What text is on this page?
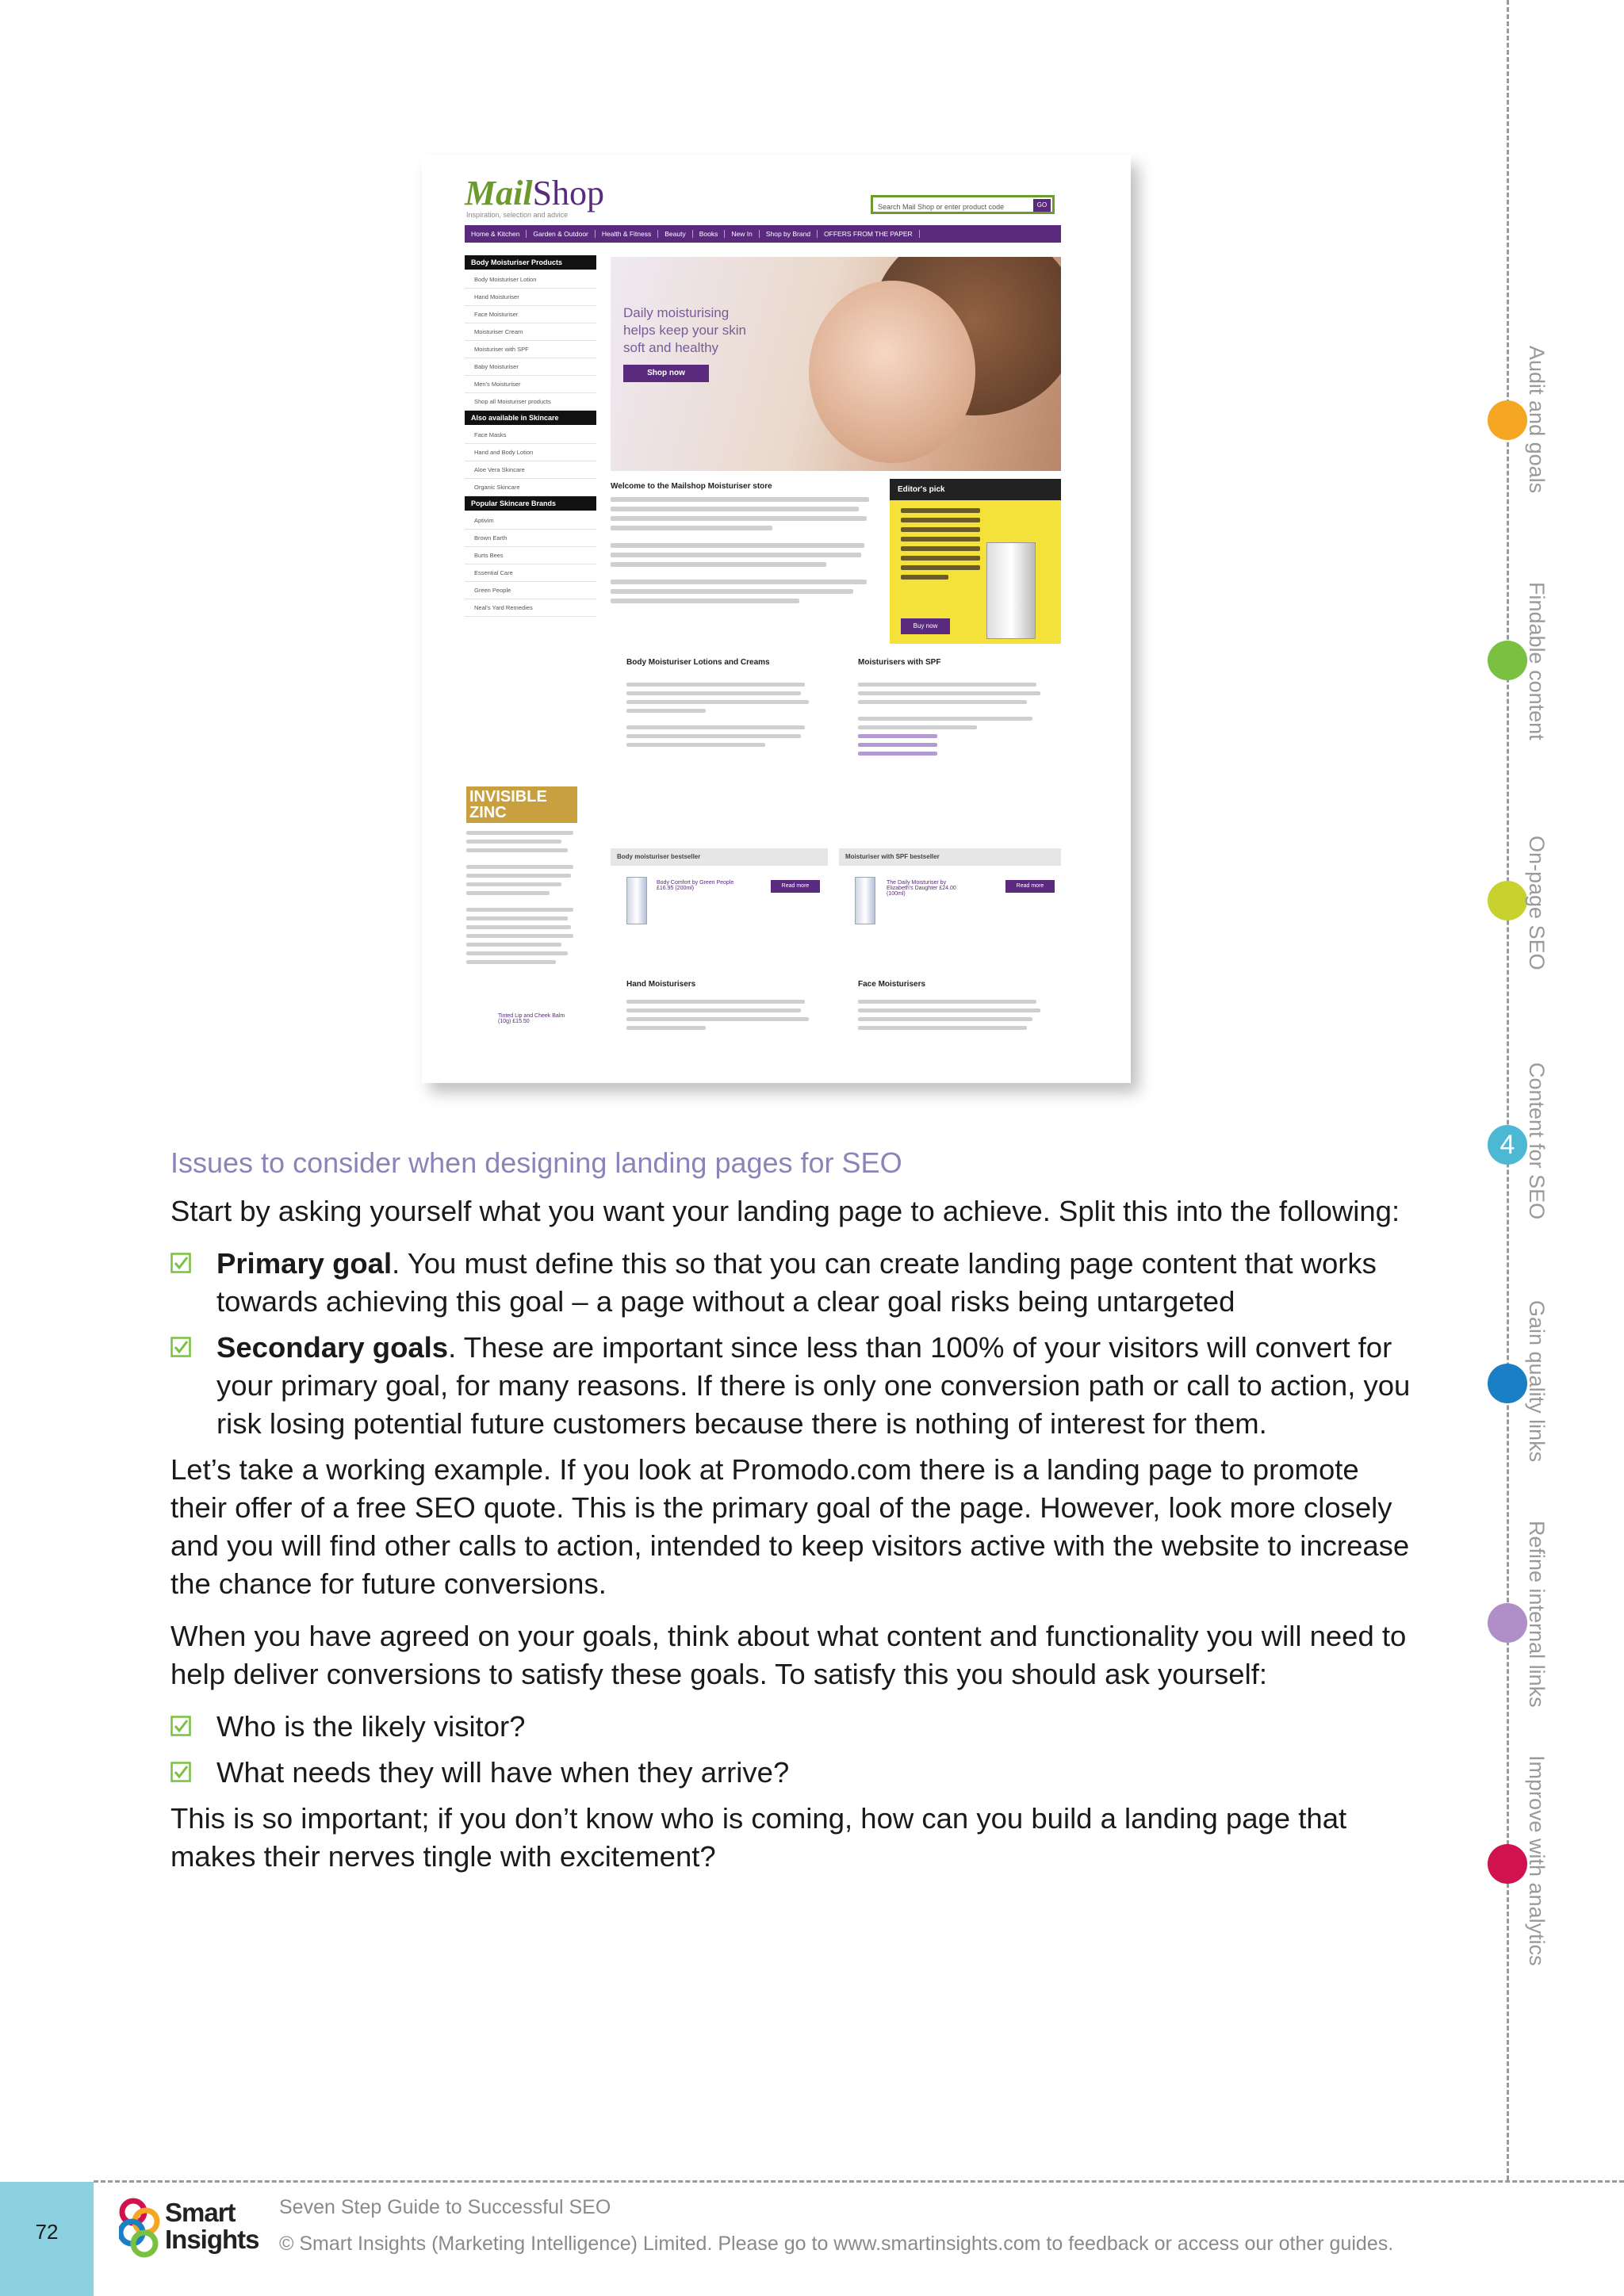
4
Audit and goals
Findable content
On-page SEO
Content for SEO
Gain quality links
Refine internal links
Improve with analytics
MailShop
Inspiration, selection and advice
Search Mail Shop or enter product code	GO
Home & Kitchen Garden & Outdoor Health & Fitness Beauty Books New In Shop by Brand OFFERS FROM THE PAPER
Body Moisturiser Products
Body Moisturiser Lotion
Hand Moisturiser
Face Moisturiser
Moisturiser Cream
Moisturiser with SPF
Baby Moisturiser
Men's Moisturiser
Shop all Moisturiser products
Also available in Skincare
Face Masks
Hand and Body Lotion
Aloe Vera Skincare
Organic Skincare
Popular Skincare Brands
Aptivim
Brown Earth
Burts Bees
Essential Care
Green People
Neal's Yard Remedies
Daily moisturising helps keep your skin soft and healthy
Shop now
Welcome to the Mailshop Moisturiser store	Editor's pick
Buy now
Body Moisturiser Lotions and Creams	Moisturisers with SPF
INVISIBLE ZINC
Body moisturiser bestseller	Moisturiser with SPF bestseller
Body Comfort by Green People £16.95 (200ml)
The Daily Moisturiser by Elizabeth's Daughter £24.00 (100ml)
Read more	Read more
Hand Moisturisers	Face Moisturisers
Tinted Lip and Cheek Balm (10g) £15.50
Issues to consider when designing landing pages for SEO

Start by asking yourself what you want your landing page to achieve. Split this into the following:

Primary goal. You must define this so that you can create landing page content that works towards achieving this goal – a page without a clear goal risks being untargeted
Secondary goals. These are important since less than 100% of your visitors will convert for your primary goal, for many reasons. If there is only one conversion path or call to action, you risk losing potential future customers because there is nothing of interest for them.

Let’s take a working example. If you look at Promodo.com there is a landing page to promote their offer of a free SEO quote. This is the primary goal of the page. However, look more closely and you will find other calls to action, intended to keep visitors active with the website to increase the chance for future conversions.

When you have agreed on your goals, think about what content and functionality you will need to help deliver conversions to satisfy these goals. To satisfy this you should ask yourself:

Who is the likely visitor?
What needs they will have when they arrive?

This is so important; if you don’t know who is coming, how can you build a landing page that makes their nerves tingle with excitement?

72
Smart
Insights
Seven Step Guide to Successful SEO
© Smart Insights (Marketing Intelligence) Limited. Please go to www.smartinsights.com to feedback or access our other guides.
